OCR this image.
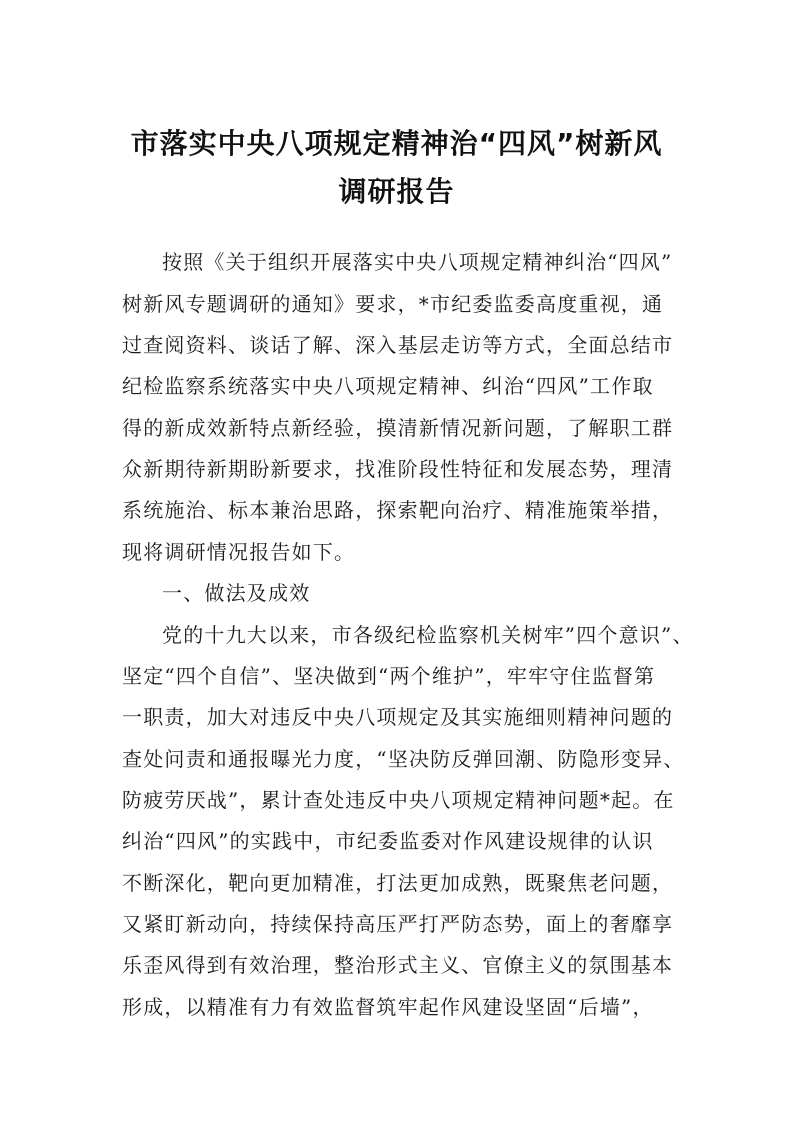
市落实中央八项规定精神治“四风”树新风
调研报告
按照《关于组织开展落实中央八项规定精神纠治“四风”
树新风专题调研的通知》要求，*市纪委监委高度重视，通
过查阅资料、谈话了解、深入基层走访等方式，全面总结市
纪检监察系统落实中央八项规定精神、纠治“四风”工作取
得的新成效新特点新经验，摸清新情况新问题，了解职工群
众新期待新期盼新要求，找准阶段性特征和发展态势，理清
系统施治、标本兼治思路，探索靶向治疗、精准施策举措，
现将调研情况报告如下。
一、做法及成效
党的十九大以来，市各级纪检监察机关树牢”四个意识”、
坚定“四个自信”、坚决做到“两个维护”，牢牢守住监督第
一职责，加大对违反中央八项规定及其实施细则精神问题的
查处问责和通报曝光力度，“坚决防反弹回潮、防隐形变异、
防疲劳厌战”，累计查处违反中央八项规定精神问题*起。在
纠治“四风”的实践中，市纪委监委对作风建设规律的认识
不断深化，靶向更加精准，打法更加成熟，既聚焦老问题，
又紧盯新动向，持续保持高压严打严防态势，面上的奢靡享
乐歪风得到有效治理，整治形式主义、官僚主义的氛围基本
形成，以精准有力有效监督筑牢起作风建设坚固“后墙”，
